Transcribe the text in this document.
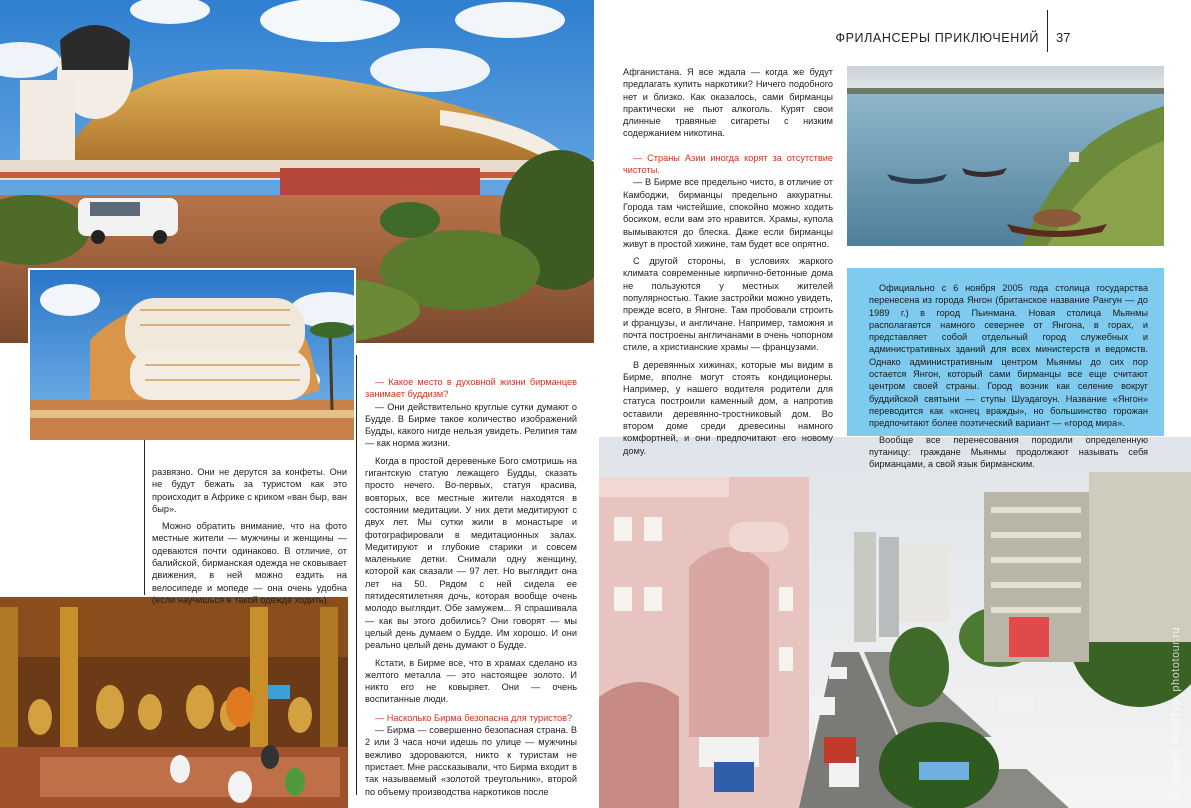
ФРИЛАНСЕРЫ ПРИКЛЮЧЕНИЙ 37

развязно. Они не дерутся за конфеты. Они не будут бежать за туристом как это происходит в Африке с криком «ван быр, ван быр».

Можно обратить внимание, что на фото местные жители — мужчины и женщины — одеваются почти одинаково. В отличие, от балийской, бирманская одежда не сковывает движения, в ней можно ездить на велосипеде и мопеде — она очень удобна (если научишься в такой одежде ходить).

— Какое место в духовной жизни бирманцев занимает буддизм?

— Они действительно круглые сутки думают о Будде. В Бирме такое количество изображений Будды, какого нигде нельзя увидеть. Религия там — как норма жизни.

Когда в простой деревеньке Бого смотришь на гигантскую статую лежащего Будды, сказать просто нечего. Во-первых, статуя красива, вовторых, все местные жители находятся в состоянии медитации. У них дети медитируют с двух лет. Мы сутки жили в монастыре и фотографировали в медитационных залах. Медитируют и глубокие старики и совсем маленькие детки. Снимали одну женщину, которой как сказали — 97 лет. Но выглядит она лет на 50. Рядом с ней сидела ее пятидесятилетняя дочь, которая вообще очень молодо выглядит. Обе замужем... Я спрашивала — как вы этого добились? Они говорят — мы целый день думаем о Будде. Им хорошо. И они реально целый день думают о Будде.

Кстати, в Бирме все, что в храмах сделано из желтого металла — это настоящее золото. И никто его не ковыряет. Они — очень воспитанные люди.

— Насколько Бирма безопасна для туристов?

— Бирма — совершенно безопасная страна. В 2 или 3 часа ночи идешь по улице — мужчины вежливо здороваются, никто к туристам не пристает. Мне рассказывали, что Бирма входит в так называемый «золотой треугольник», второй по объему производства наркотиков после

Афганистана. Я все ждала — когда же будут предлагать купить наркотики? Ничего подобного нет и близко. Как оказалось, сами бирманцы практически не пьют алкоголь. Курят свои длинные травяные сигареты с низким содержанием никотина.

— Страны Азии иногда корят за отсутствие чистоты.

— В Бирме все предельно чисто, в отличие от Камбоджи, бирманцы предельно аккуратны. Города там чистейшие, спокойно можно ходить босиком, если вам это нравится. Храмы, купола вымываются до блеска. Даже если бирманцы живут в простой хижине, там будет все опрятно.

С другой стороны, в условиях жаркого климата современные кирпично-бетонные дома не пользуются у местных жителей популярностью. Такие застройки можно увидеть, прежде всего, в Янгоне. Там пробовали строить и французы, и англичане. Например, таможня и почта построены англичанами в очень чопорном стиле, а христианские храмы — французами.

В деревянных хижинах, которые мы видим в Бирме, вполне могут стоять кондиционеры. Например, у нашего водителя родители для статуса построили каменный дом, а напротив оставили деревянно-тростниковый дом. Во втором доме среди древесины намного комфортней, и они предпочитают его новому дому.

Официально с 6 ноября 2005 года столица государства перенесена из города Янгон (британское название Рангун — до 1989 г.) в город Пьинмана. Новая столица Мьянмы располагается намного севернее от Янгона, в горах, и представляет собой отдельный город служебных и административных зданий для всех министерств и ведомств. Однако административным центром Мьянмы до сих пор остается Янгон, который сами бирманцы все еще считают центром своей страны. Город возник как селение вокруг буддийской святыни — ступы Шуэдагоун. Название «Янгон» переводится как «конец вражды», но большинство горожан предпочитают более поэтический вариант — «город мира».

Вообще все перенесования породили определенную путаницу: граждане Мьянмы продолжают называть себя бирманцами, а свой язык бирманским.

© Проект ФотоТур, phototour.ru
